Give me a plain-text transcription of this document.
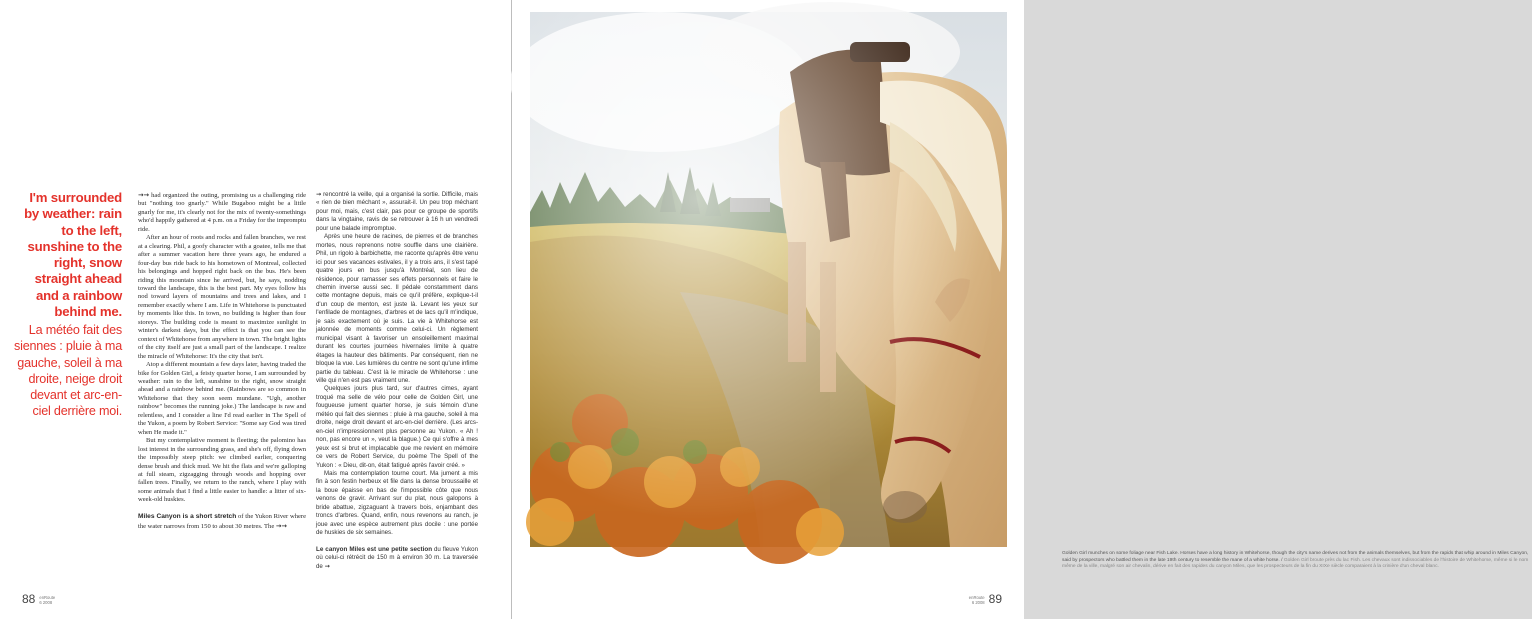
I'm surrounded by weather: rain to the left, sunshine to the right, snow straight ahead and a rainbow behind me.
La météo fait des siennes : pluie à ma gauche, soleil à ma droite, neige droit devant et arc-en-ciel derrière moi.

→→ had organized the outing, promising us a challenging ride but "nothing too gnarly." While Bugaboo might be a little gnarly for me, it's clearly not for the mix of twenty-somethings who'd happily gathered at 4 p.m. on a Friday for the impromptu ride.

After an hour of roots and rocks and fallen branches, we rest at a clearing. Phil, a goofy character with a goatee, tells me that after a summer vacation here three years ago, he endured a four-day bus ride back to his hometown of Montreal, collected his belongings and hopped right back on the bus. He's been riding this mountain since he arrived, but, he says, nodding toward the landscape, this is the best part. My eyes follow his nod toward layers of mountains and trees and lakes, and I remember exactly where I am. Life in Whitehorse is punctuated by moments like this. In town, no building is higher than four storeys. The building code is meant to maximize sunlight in winter's darkest days, but the effect is that you can see the context of Whitehorse from anywhere in town. The bright lights of the city itself are just a small part of the landscape. I realize the miracle of Whitehorse: It's the city that isn't.

Atop a different mountain a few days later, having traded the bike for Golden Girl, a feisty quarter horse, I am surrounded by weather: rain to the left, sunshine to the right, snow straight ahead and a rainbow behind me. (Rainbows are so common in Whitehorse that they soon seem mundane. "Ugh, another rainbow" becomes the running joke.) The landscape is raw and relentless, and I consider a line I'd read earlier in The Spell of the Yukon, a poem by Robert Service: "Some say God was tired when He made it."

But my contemplative moment is fleeting; the palomino has lost interest in the surrounding grass, and she's off, flying down the impossibly steep pitch: we climbed earlier, conquering dense brush and thick mud. We hit the flats and we're galloping at full steam, zigzagging through woods and hopping over fallen trees. Finally, we return to the ranch, where I play with some animals that I find a little easier to handle: a litter of six-week-old huskies.

Miles Canyon is a short stretch of the Yukon River where the water narrows from 150 to about 30 metres. The →→

→ rencontré la veille, qui a organisé la sortie. Difficile, mais « rien de bien méchant », assurait-il. Un peu trop méchant pour moi, mais, c'est clair, pas pour ce groupe de sportifs dans la vingtaine, ravis de se retrouver à 16 h un vendredi pour une balade impromptue.

Après une heure de racines, de pierres et de branches mortes, nous reprenons notre souffle dans une clairière. Phil, un rigolo à barbichette, me raconte qu'après être venu ici pour ses vacances estivales, il y a trois ans, il s'est tapé quatre jours en bus jusqu'à Montréal, son lieu de résidence, pour ramasser ses effets personnels et faire le chemin inverse aussi sec. Il pédale constamment dans cette montagne depuis, mais ce qu'il préfère, explique-t-il d'un coup de menton, est juste là. Levant les yeux sur l'enfilade de montagnes, d'arbres et de lacs qu'il m'indique, je sais exactement où je suis. La vie à Whitehorse est jalonnée de moments comme celui-ci. Un règlement municipal visant à favoriser un ensoleillement maximal durant les courtes journées hivernales limite à quatre étages la hauteur des bâtiments. Par conséquent, rien ne bloque la vue. Les lumières du centre ne sont qu'une infime partie du tableau. C'est là le miracle de Whitehorse : une ville qui n'en est pas vraiment une.

Quelques jours plus tard, sur d'autres cimes, ayant troqué ma selle de vélo pour celle de Golden Girl, une fougueuse jument quarter horse, je suis témoin d'une météo qui fait des siennes : pluie à ma gauche, soleil à ma droite, neige droit devant et arc-en-ciel derrière. (Les arcs-en-ciel n'impressionnent plus personne au Yukon. « Ah ! non, pas encore un », veut la blague.) Ce qui s'offre à mes yeux est si brut et implacable que me revient en mémoire ce vers de Robert Service, du poème The Spell of the Yukon : « Dieu, dit-on, était fatigué après l'avoir créé. »

Mais ma contemplation tourne court. Ma jument a mis fin à son festin herbeux et file dans la dense broussaille et la boue épaisse en bas de l'impossible côte que nous venons de gravir. Arrivant sur du plat, nous galopons à bride abattue, zigzaguant à travers bois, enjambant des troncs d'arbres. Quand, enfin, nous revenons au ranch, je joue avec une espèce autrement plus docile : une portée de huskies de six semaines.

Le canyon Miles est une petite section du fleuve Yukon où celui-ci rétrécit de 150 m à environ 30 m. La traversée de →

88 enRoute
6 2008
Golden Girl munches on some foliage near Fish Lake. Horses have a long history in Whitehorse, though the city's name derives not from the animals themselves, but from the rapids that whip around in Miles Canyon, said by prospectors who battled them in the late 19th century to resemble the mane of a white horse. / Golden Girl broute près du lac Fish. Les chevaux sont indissociables de l'histoire de Whitehorse, même si le nom même de la ville, malgré son air chevalin, dérive en fait des rapides du canyon Miles, que les prospecteurs de la fin du XIXe siècle comparaient à la crinière d'un cheval blanc.
enRoute
6 2008 89
